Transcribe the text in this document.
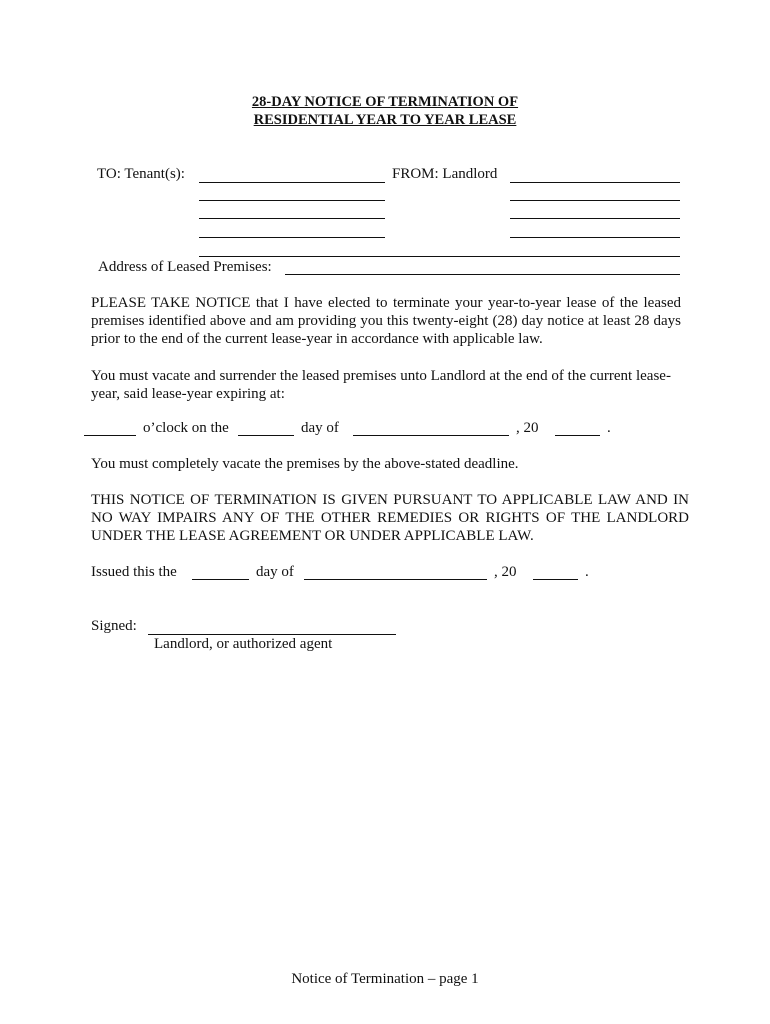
28-DAY NOTICE OF TERMINATION OF
RESIDENTIAL YEAR TO YEAR LEASE
TO: Tenant(s):	FROM: Landlord
Address of Leased Premises:
PLEASE TAKE NOTICE that I have elected to terminate your year-to-year lease of the leased premises identified above and am providing you this twenty-eight (28) day notice at least 28 days prior to the end of the current lease-year in accordance with applicable law.
You must vacate and surrender the leased premises unto Landlord at the end of the current lease-year, said lease-year expiring at:
o’clock on the	day of	, 20	.
You must completely vacate the premises by the above-stated deadline.
THIS NOTICE OF TERMINATION IS GIVEN PURSUANT TO APPLICABLE LAW AND IN NO WAY IMPAIRS ANY OF THE OTHER REMEDIES OR RIGHTS OF THE LANDLORD UNDER THE LEASE AGREEMENT OR UNDER APPLICABLE LAW.
Issued this the	day of	, 20	.
Signed:
Landlord, or authorized agent
Notice of Termination – page 1
